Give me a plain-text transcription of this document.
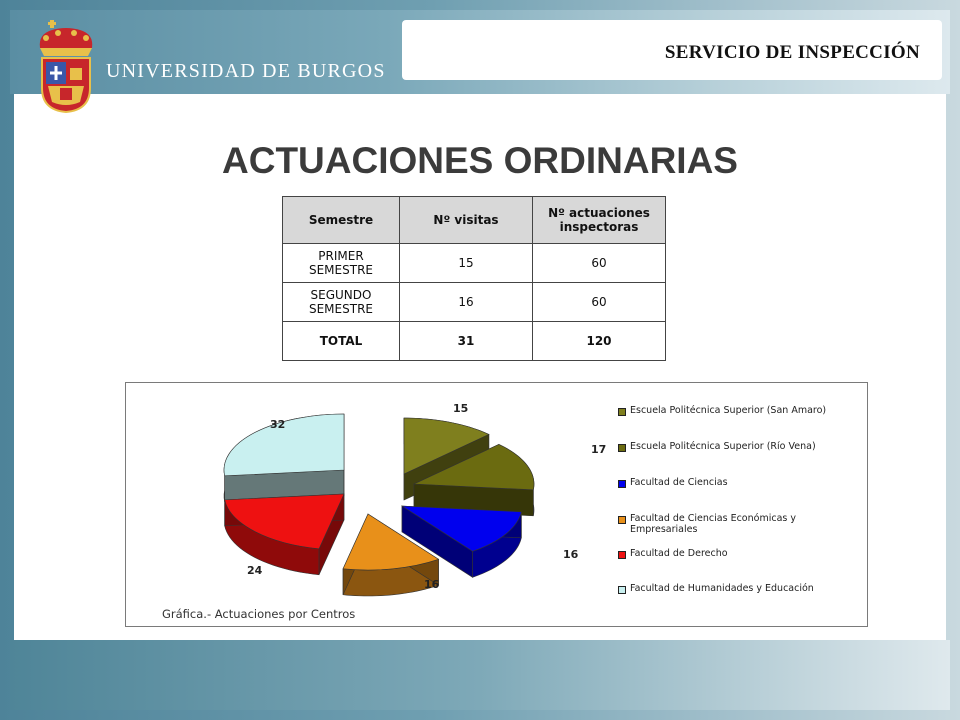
SERVICIO DE INSPECCIÓN
UNIVERSIDAD DE BURGOS
ACTUACIONES ORDINARIAS
Semestre	Nº visitas	Nº actuaciones inspectoras
PRIMER SEMESTRE	15	60
SEGUNDO SEMESTRE	16	60
TOTAL	31	120
15
17
16
16
24
32
Escuela Politécnica Superior (San Amaro)
Escuela Politécnica Superior (Río Vena)
Facultad de Ciencias
Facultad de Ciencias Económicas y Empresariales
Facultad de Derecho
Facultad de Humanidades y Educación
Gráfica.- Actuaciones por Centros
